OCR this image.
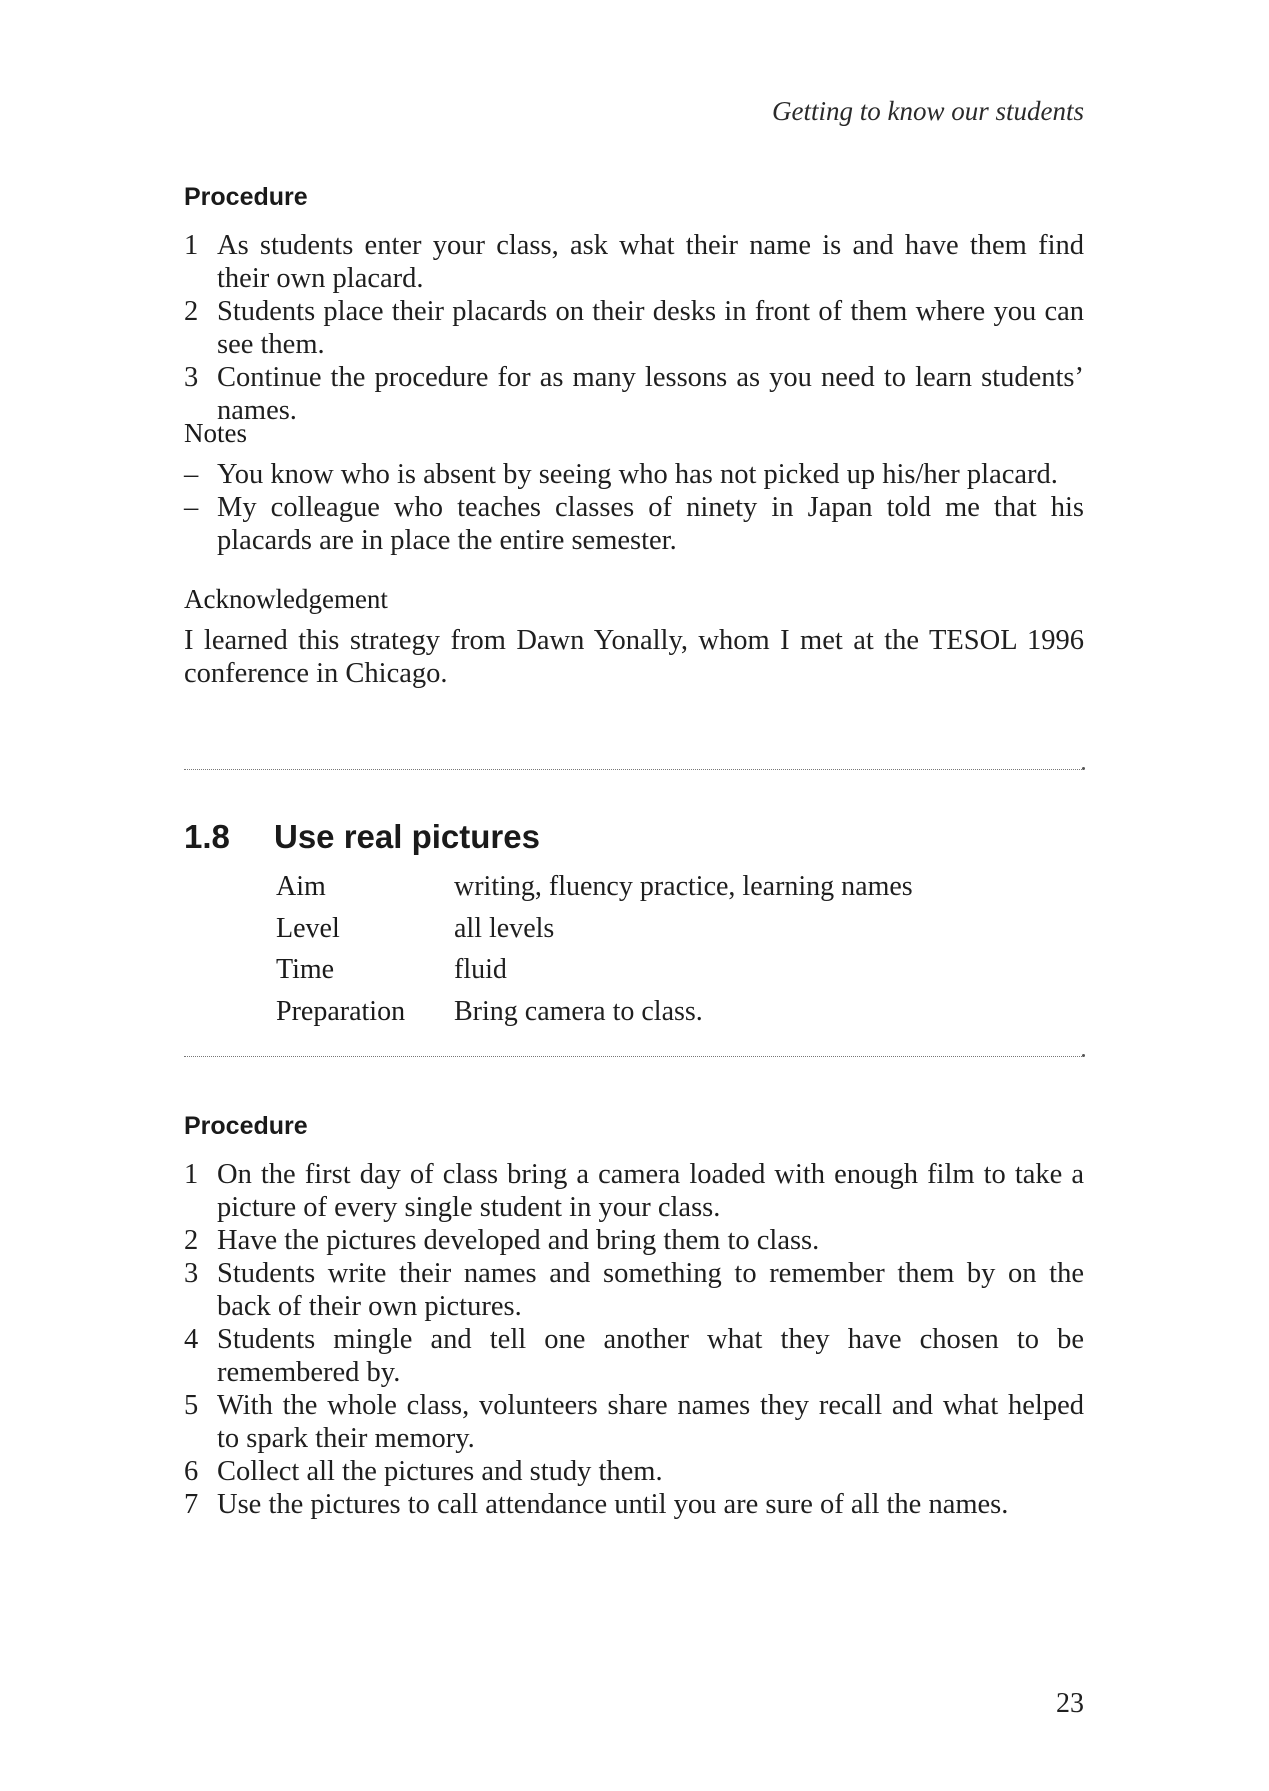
Getting to know our students
Procedure
1 As students enter your class, ask what their name is and have them find their own placard.
2 Students place their placards on their desks in front of them where you can see them.
3 Continue the procedure for as many lessons as you need to learn students’ names.
Notes
– You know who is absent by seeing who has not picked up his/her placard.
– My colleague who teaches classes of ninety in Japan told me that his placards are in place the entire semester.
Acknowledgement
I learned this strategy from Dawn Yonally, whom I met at the TESOL 1996 conference in Chicago.
1.8 Use real pictures
Aim	writing, fluency practice, learning names
Level	all levels
Time	fluid
Preparation	Bring camera to class.
Procedure
1 On the first day of class bring a camera loaded with enough film to take a picture of every single student in your class.
2 Have the pictures developed and bring them to class.
3 Students write their names and something to remember them by on the back of their own pictures.
4 Students mingle and tell one another what they have chosen to be remembered by.
5 With the whole class, volunteers share names they recall and what helped to spark their memory.
6 Collect all the pictures and study them.
7 Use the pictures to call attendance until you are sure of all the names.
23
